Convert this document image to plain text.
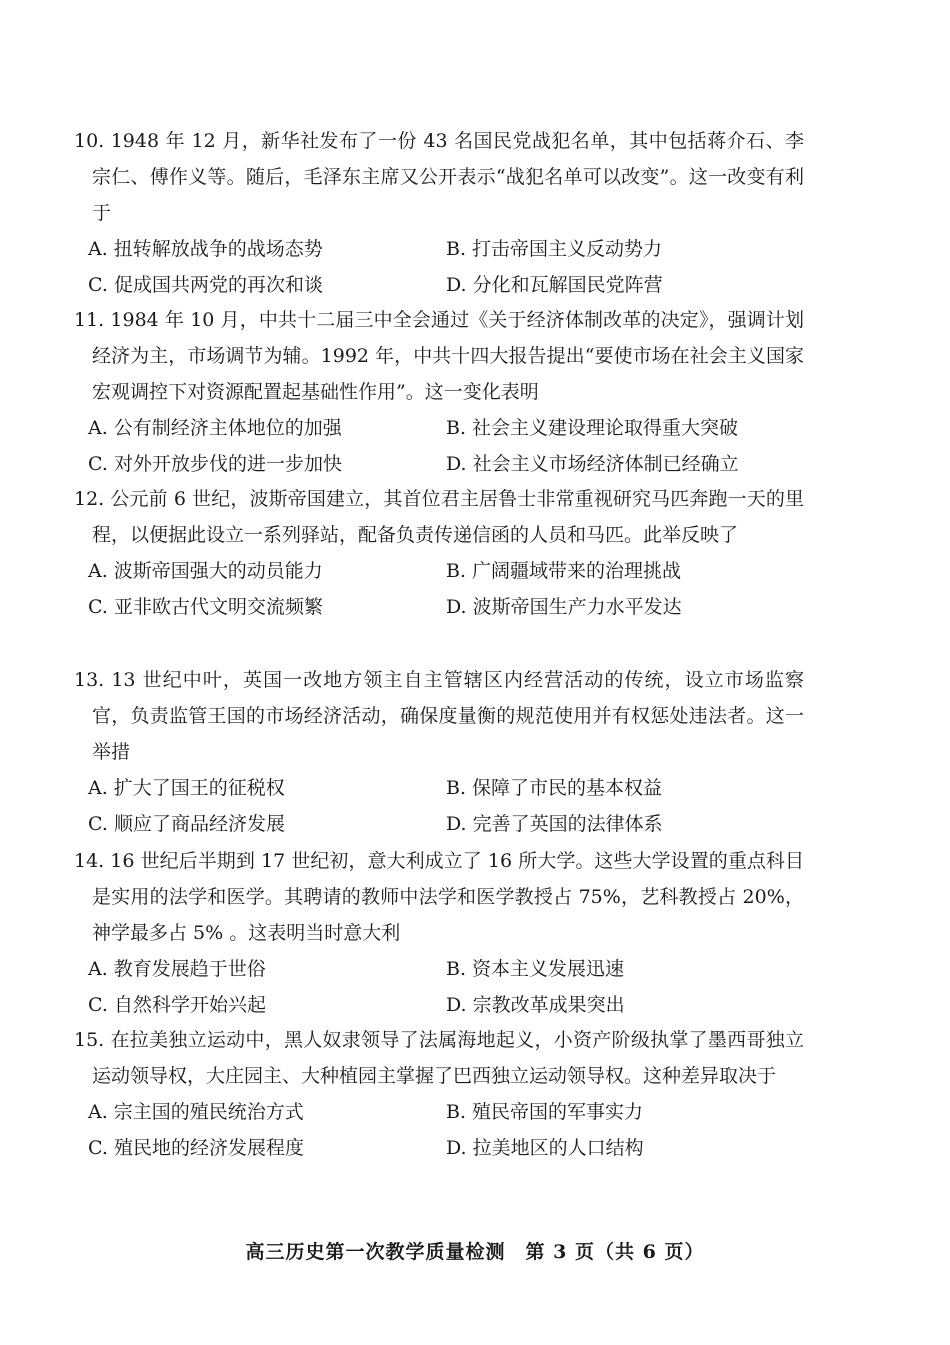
10. 1948 年 12 月，新华社发布了一份 43 名国民党战犯名单，其中包括蒋介石、李宗仁、傅作义等。随后，毛泽东主席又公开表示“战犯名单可以改变”。这一改变有利于

A. 扭转解放战争的战场态势	B. 打击帝国主义反动势力
C. 促成国共两党的再次和谈	D. 分化和瓦解国民党阵营

11. 1984 年 10 月，中共十二届三中全会通过《关于经济体制改革的决定》，强调计划经济为主，市场调节为辅。1992 年，中共十四大报告提出“要使市场在社会主义国家宏观调控下对资源配置起基础性作用”。这一变化表明

A. 公有制经济主体地位的加强	B. 社会主义建设理论取得重大突破
C. 对外开放步伐的进一步加快	D. 社会主义市场经济体制已经确立

12. 公元前 6 世纪，波斯帝国建立，其首位君主居鲁士非常重视研究马匹奔跑一天的里程，以便据此设立一系列驿站，配备负责传递信函的人员和马匹。此举反映了

A. 波斯帝国强大的动员能力	B. 广阔疆域带来的治理挑战
C. 亚非欧古代文明交流频繁	D. 波斯帝国生产力水平发达

13. 13 世纪中叶，英国一改地方领主自主管辖区内经营活动的传统，设立市场监察官，负责监管王国的市场经济活动，确保度量衡的规范使用并有权惩处违法者。这一举措

A. 扩大了国王的征税权	B. 保障了市民的基本权益
C. 顺应了商品经济发展	D. 完善了英国的法律体系

14. 16 世纪后半期到 17 世纪初，意大利成立了 16 所大学。这些大学设置的重点科目是实用的法学和医学。其聘请的教师中法学和医学教授占 75%，艺科教授占 20%，神学最多占 5% 。这表明当时意大利

A. 教育发展趋于世俗	B. 资本主义发展迅速
C. 自然科学开始兴起	D. 宗教改革成果突出

15. 在拉美独立运动中，黑人奴隶领导了法属海地起义，小资产阶级执掌了墨西哥独立运动领导权，大庄园主、大种植园主掌握了巴西独立运动领导权。这种差异取决于

A. 宗主国的殖民统治方式	B. 殖民帝国的军事实力
C. 殖民地的经济发展程度	D. 拉美地区的人口结构
高三历史第一次教学质量检测　第 3 页（共 6 页）
